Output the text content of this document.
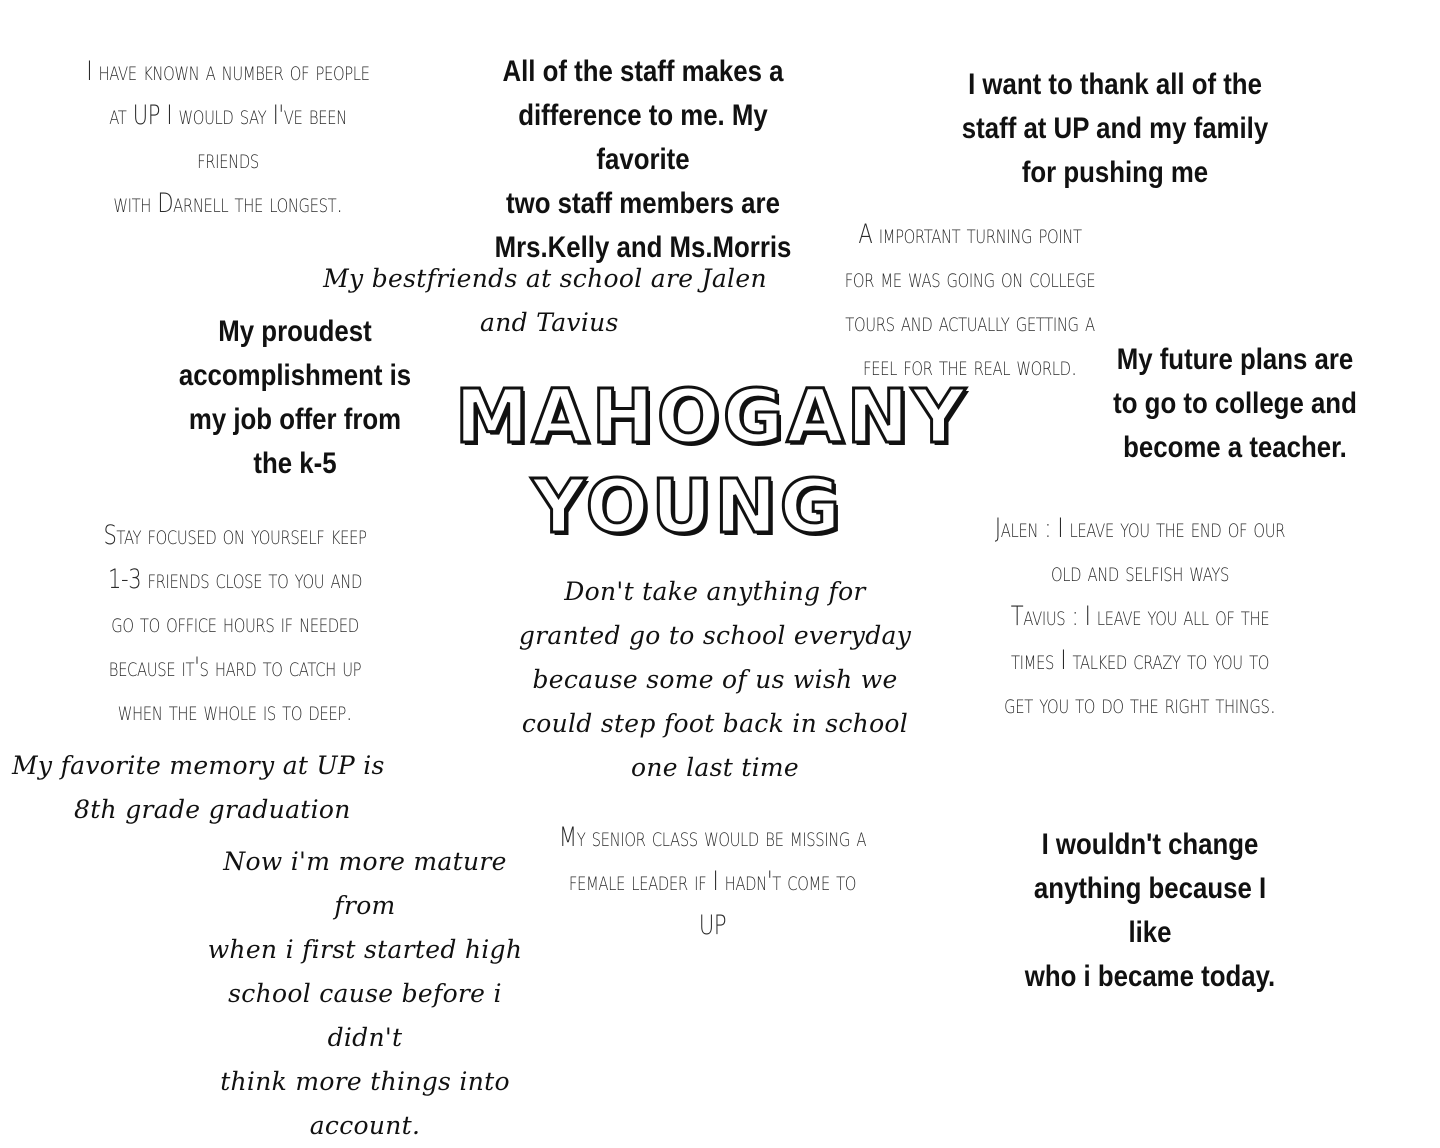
I have known a number of people
at UP I would say I've been friends
with Darnell the longest.
All of the staff makes a
difference to me. My favorite
two staff members are
Mrs.Kelly and Ms.Morris
I want to thank all of the
staff at UP and my family
for pushing me
A important turning point
for me was going on college
tours and actually getting a
feel for the real world.
My bestfriends at school are Jalen
and Tavius
My proudest
accomplishment is
my job offer from
the k-5
MAHOGANY
YOUNG
My future plans are
to go to college and
become a teacher.
Stay focused on yourself keep
1-3 friends close to you and
go to office hours if needed
because it's hard to catch up
when the whole is to deep.
Jalen : I leave you the end of our
old and selfish ways
Tavius : I leave you all of the
times I talked crazy to you to
get you to do the right things.
Don't take anything for
granted go to school everyday
because some of us wish we
could step foot back in school
one last time
My favorite memory at UP is
8th grade graduation
My senior class would be missing a
female leader if I hadn't come to
UP
Now i'm more mature from
when i first started high
school cause before i didn't
think more things into
account.
I wouldn't change
anything because I like
who i became today.
